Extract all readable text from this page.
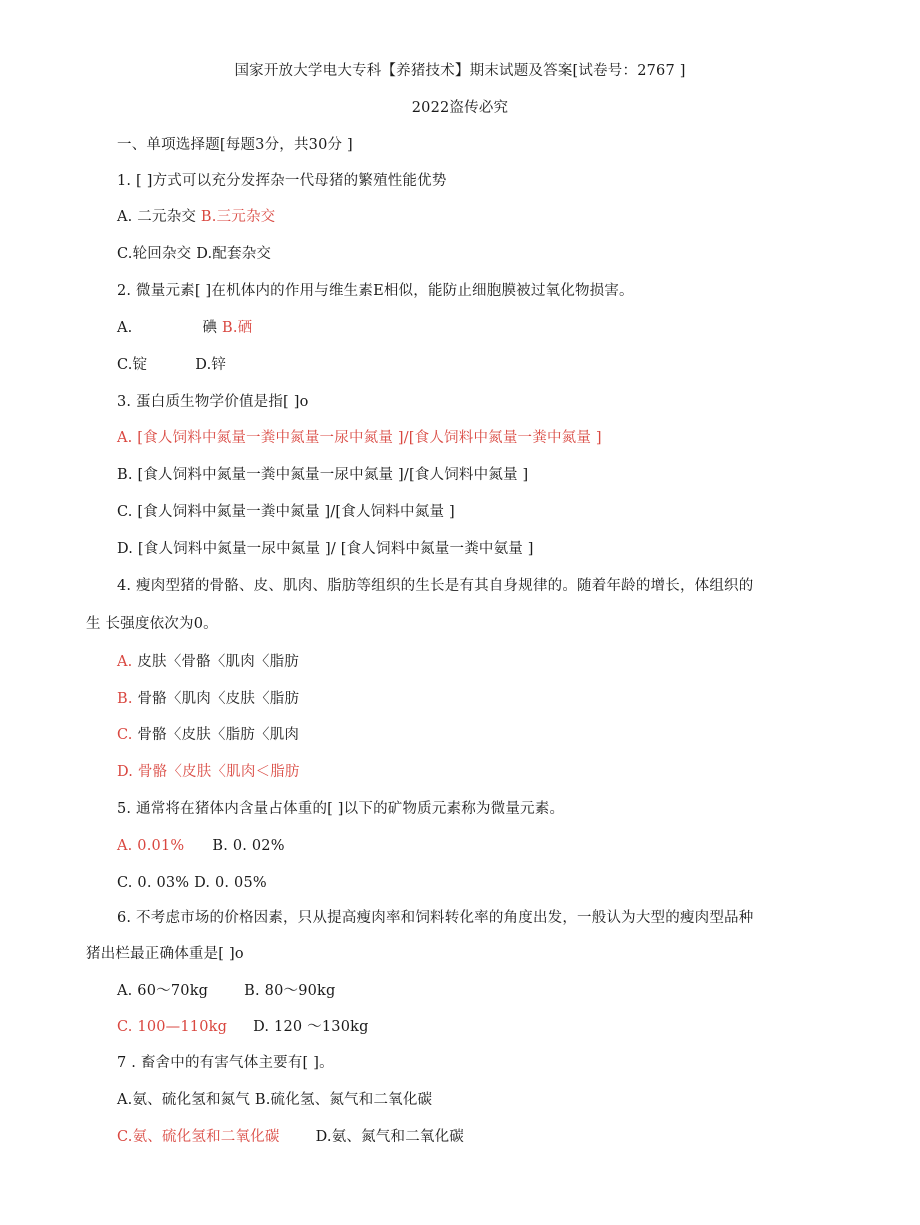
国家开放大学电大专科【养猪技术】期末试题及答案[试卷号：2767 ]
2022盗传必究
一、单项选择题[每题3分，共30分 ]
1. [ ]方式可以充分发挥杂一代母猪的繁殖性能优势
A. 二元杂交 B.三元杂交
C.轮回杂交 D.配套杂交
2. 微量元素[ ]在机体内的作用与维生素E相似，能防止细胞膜被过氧化物损害。
A.	碘 B.硒
C.锭	D.锌
3. 蛋白质生物学价值是指[ ]o
A. [食人饲料中氮量一粪中氮量一尿中氮量 ]/[食人饲料中氮量一粪中氮量 ]
B. [食人饲料中氮量一粪中氮量一尿中氮量 ]/[食人饲料中氮量 ]
C. [食人饲料中氮量一粪中氮量 ]/[食人饲料中氮量 ]
D. [食人饲料中氮量一尿中氮量 ]/ [食人饲料中氮量一粪中氨量 ]
4. 瘦肉型猪的骨骼、皮、肌肉、脂肪等组织的生长是有其自身规律的。随着年龄的增长，体组织的
生 长强度依次为0。
A. 皮肤〈骨骼〈肌肉〈脂肪
B. 骨骼〈肌肉〈皮肤〈脂肪
C. 骨骼〈皮肤〈脂肪〈肌肉
D. 骨骼〈皮肤〈肌肉＜脂肪
5. 通常将在猪体内含量占体重的[ ]以下的矿物质元素称为微量元素。
A. 0.01% B. 0. 02%
C. 0. 03% D. 0. 05%
6. 不考虑市场的价格因素，只从提高瘦肉率和饲料转化率的角度出发，一般认为大型的瘦肉型品种
猪出栏最正确体重是[ ]o
A. 60〜70kg B. 80〜90kg
C. 100—110kg D. 120 〜130kg
7 . 畜舍中的有害气体主要有[ ]。
A.氨、硫化氢和氮气 B.硫化氢、氮气和二氧化碳
C.氨、硫化氢和二氧化碳 D.氨、氮气和二氧化碳
